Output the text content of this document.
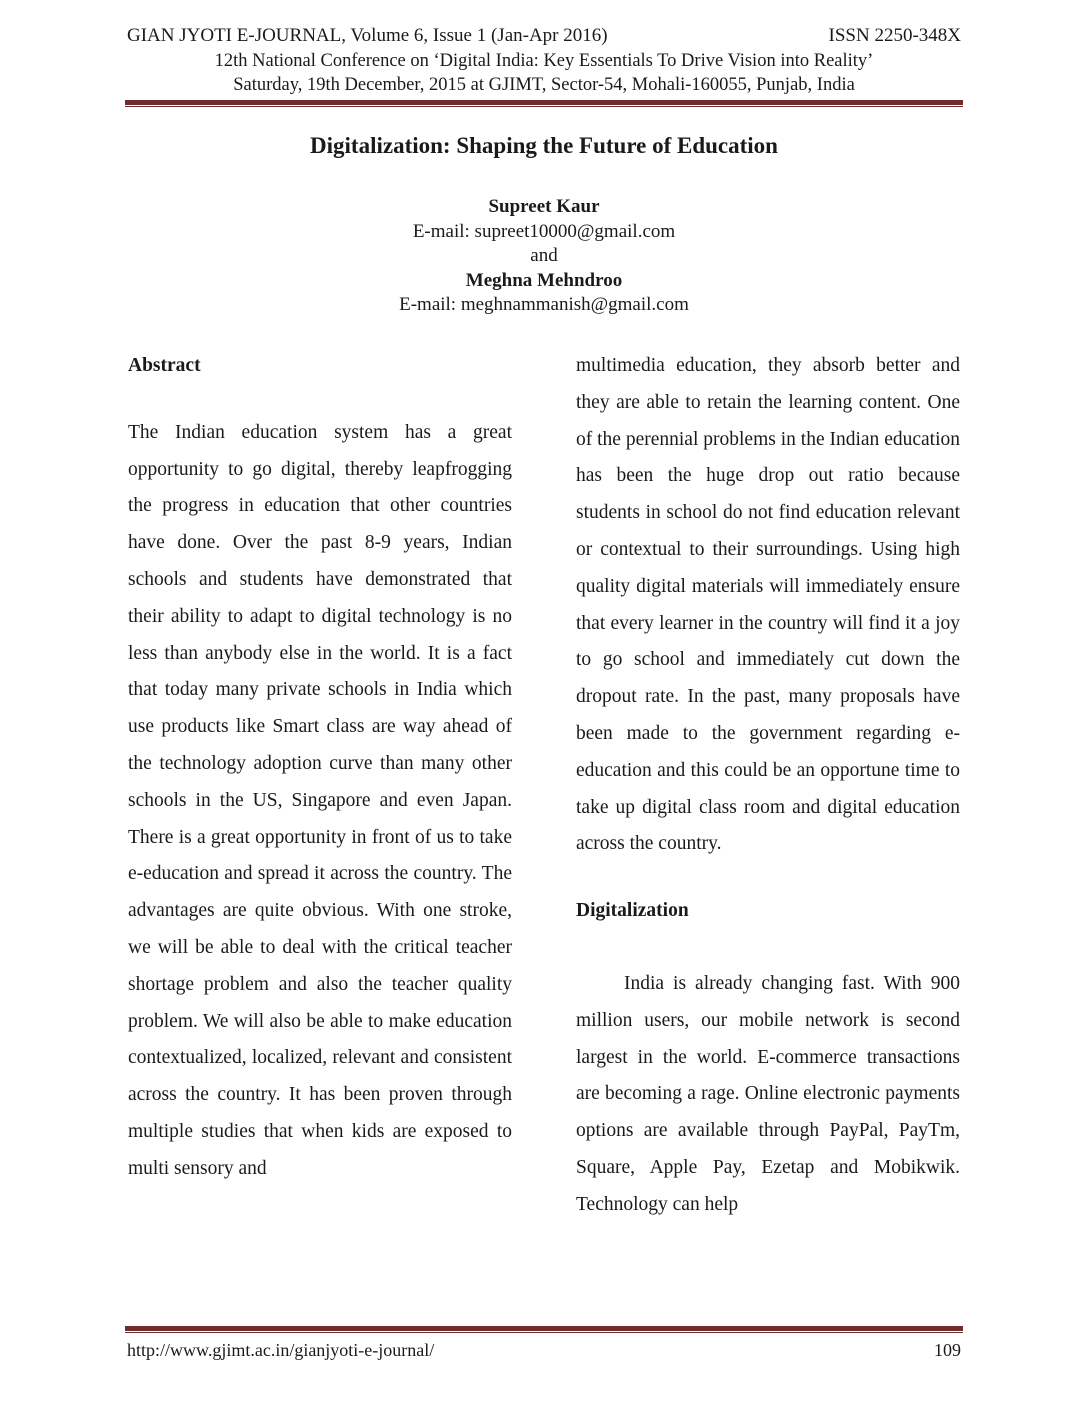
GIAN JYOTI E-JOURNAL, Volume 6, Issue 1 (Jan-Apr 2016)	ISSN 2250-348X
12th National Conference on ‘Digital India: Key Essentials To Drive Vision into Reality’
Saturday, 19th December, 2015 at GJIMT, Sector-54, Mohali-160055, Punjab, India
Digitalization: Shaping the Future of Education
Supreet Kaur
E-mail: supreet10000@gmail.com
and
Meghna Mehndroo
E-mail: meghnammanish@gmail.com

Abstract

The Indian education system has a great opportunity to go digital, thereby leapfrogging the progress in education that other countries have done. Over the past 8-9 years, Indian schools and students have demonstrated that their ability to adapt to digital technology is no less than anybody else in the world. It is a fact that today many private schools in India which use products like Smart class are way ahead of the technology adoption curve than many other schools in the US, Singapore and even Japan. There is a great opportunity in front of us to take e-education and spread it across the country. The advantages are quite obvious. With one stroke, we will be able to deal with the critical teacher shortage problem and also the teacher quality problem. We will also be able to make education contextualized, localized, relevant and consistent across the country. It has been proven through multiple studies that when kids are exposed to multi sensory and

multimedia education, they absorb better and they are able to retain the learning content. One of the perennial problems in the Indian education has been the huge drop out ratio because students in school do not find education relevant or contextual to their surroundings. Using high quality digital materials will immediately ensure that every learner in the country will find it a joy to go school and immediately cut down the dropout rate. In the past, many proposals have been made to the government regarding e-education and this could be an opportune time to take up digital class room and digital education across the country.

Digitalization

India is already changing fast. With 900 million users, our mobile network is second largest in the world. E-commerce transactions are becoming a rage. Online electronic payments options are available through PayPal, PayTm, Square, Apple Pay, Ezetap and Mobikwik. Technology can help

http://www.gjimt.ac.in/gianjyoti-e-journal/	109
